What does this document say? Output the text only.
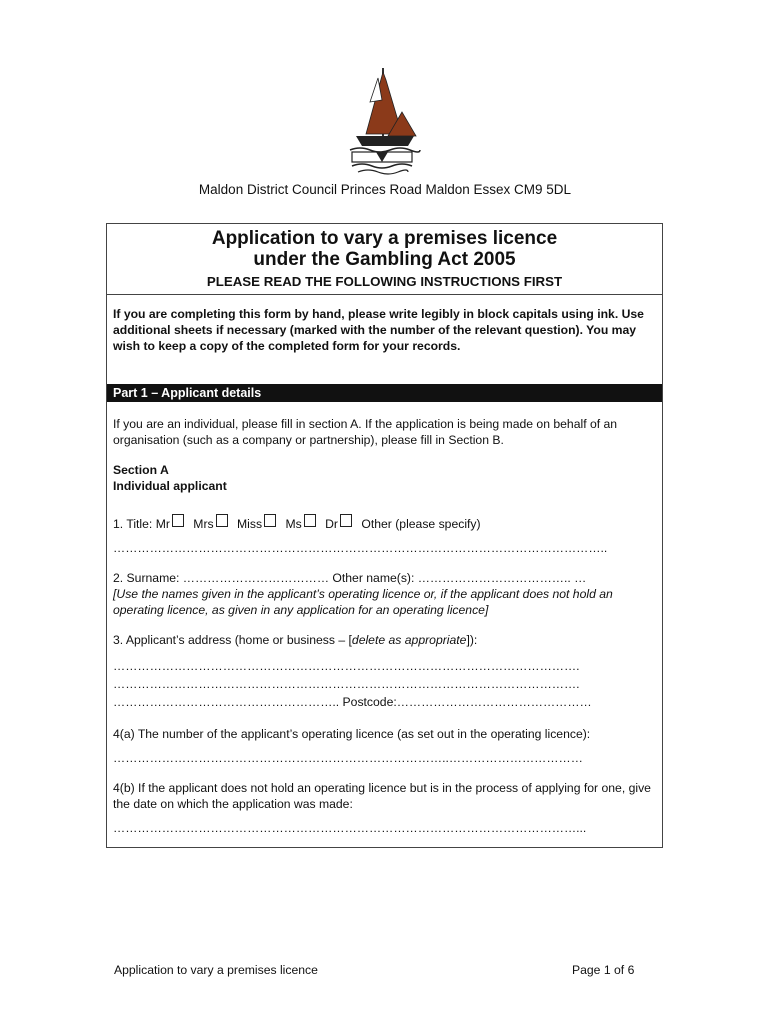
Maldon District Council Princes Road Maldon Essex CM9 5DL
Application to vary a premises licence
under the Gambling Act 2005
PLEASE READ THE FOLLOWING INSTRUCTIONS FIRST
If you are completing this form by hand, please write legibly in block capitals using ink. Use additional sheets if necessary (marked with the number of the relevant question). You may wish to keep a copy of the completed form for your records.
Part 1 – Applicant details
If you are an individual, please fill in section A. If the application is being made on behalf of an organisation (such as a company or partnership), please fill in Section B.
Section A
Individual applicant
1. Title: Mr Mrs Miss Ms Dr Other (please specify)
…………………………………………………………………………………………………………..
2. Surname: ……………………………… Other name(s): ……………………………….. …
[Use the names given in the applicant’s operating licence or, if the applicant does not hold an operating licence, as given in any application for an operating licence]
3. Applicant’s address (home or business – [delete as appropriate]):
…………………………………………………………………………………………………….
…………………………………………………………………………………………………….
……………………………………………….. Postcode:…………………………………………
4(a) The number of the applicant’s operating licence (as set out in the operating licence):
………………………………………………………………………..……………………………
4(b) If the applicant does not hold an operating licence but is in the process of applying for one, give the date on which the application was made:
……………………………………………………………………………………………………...
Application to vary a premises licence	Page 1 of 6
